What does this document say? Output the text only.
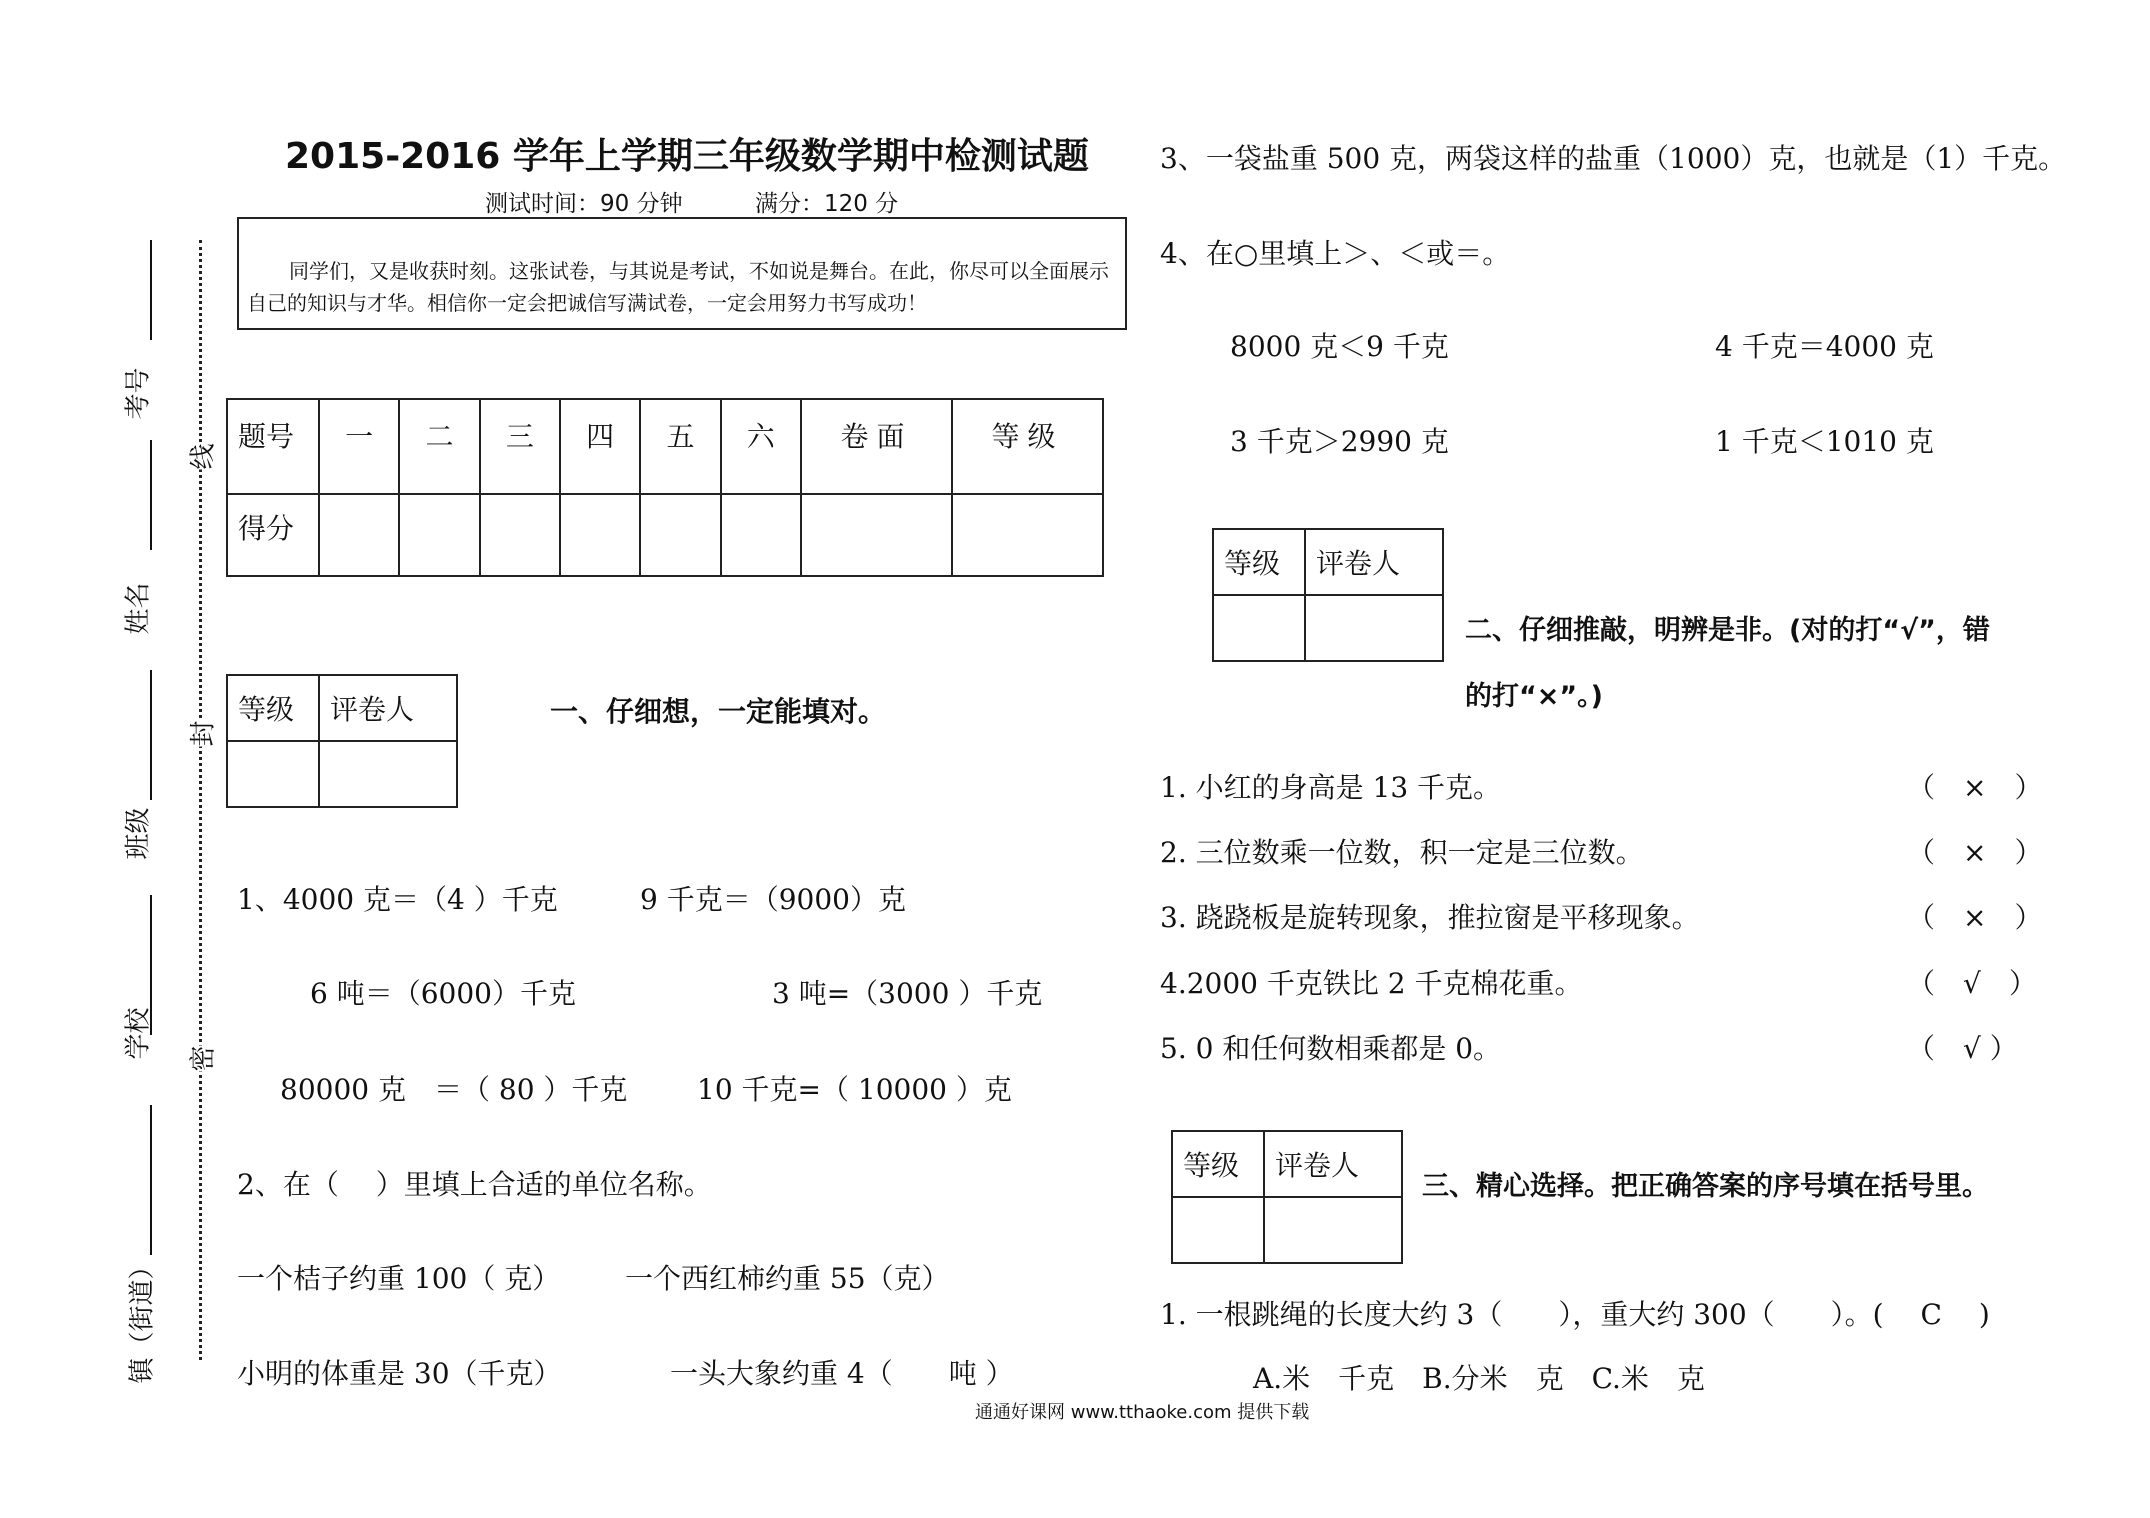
考号
姓名
班级
学校
镇（街道）
线
封
密
2015-2016 学年上学期三年级数学期中检测试题
测试时间：90 分钟	满分：120 分
同学们，又是收获时刻。这张试卷，与其说是考试，不如说是舞台。在此，你尽可以全面展示自己的知识与才华。相信你一定会把诚信写满试卷，一定会用努力书写成功！
题号	一	二	三	四	五	六	卷面	等级
得分								
等级	评卷人
		一、仔细想，一定能填对。
1、4000 克＝（4 ）千克	9 千克＝（9000）克
6 吨＝（6000）千克	3 吨=（3000 ）千克
80000 克　＝（ 80 ）千克 10 千克=（ 10000 ）克
2、在（　 ）里填上合适的单位名称。
一个桔子约重 100（ 克） 一个西红柿约重 55（克）
小明的体重是 30（千克）	一头大象约重 4（　　吨 ）
3、一袋盐重 500 克，两袋这样的盐重（1000）克，也就是（1）千克。
4、在○里填上＞、＜或＝。
8000 克＜9 千克	4 千克＝4000 克
3 千克＞2990 克	1 千克＜1010 克
等级	评卷人

二、仔细推敲，明辨是非。(对的打“√”，错
的打“×”。)
1. 小红的身高是 13 千克。	（　×　）
2. 三位数乘一位数，积一定是三位数。	（　×　）
3. 跷跷板是旋转现象，推拉窗是平移现象。	（　×　）
4.2000 千克铁比 2 千克棉花重。	（　√　）
5. 0 和任何数相乘都是 0。	（　√ ）
等级	评卷人

三、精心选择。把正确答案的序号填在括号里。
1. 一根跳绳的长度大约 3（　　），重大约 300（　　）。(　 C　 )
A.米　千克　B.分米　克　C.米　克
通通好课网 www.tthaoke.com 提供下载
